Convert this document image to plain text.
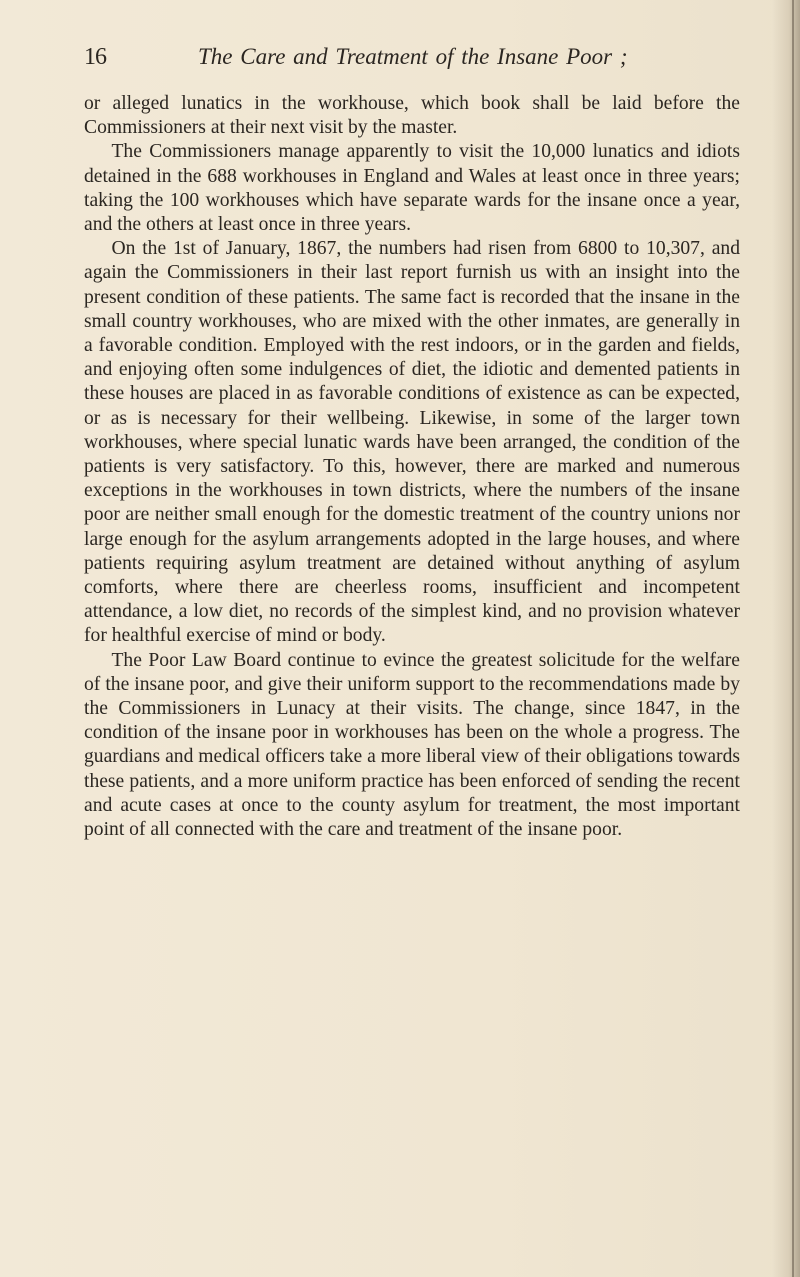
16	The Care and Treatment of the Insane Poor ;

or alleged lunatics in the workhouse, which book shall be laid before the Commissioners at their next visit by the master.

The Commissioners manage apparently to visit the 10,000 lunatics and idiots detained in the 688 workhouses in England and Wales at least once in three years; taking the 100 workhouses which have separate wards for the insane once a year, and the others at least once in three years.

On the 1st of January, 1867, the numbers had risen from 6800 to 10,307, and again the Commissioners in their last report furnish us with an insight into the present condition of these patients. The same fact is recorded that the insane in the small country workhouses, who are mixed with the other inmates, are generally in a favorable condition. Employed with the rest indoors, or in the garden and fields, and enjoying often some indulgences of diet, the idiotic and demented patients in these houses are placed in as favorable conditions of existence as can be expected, or as is necessary for their wellbeing. Likewise, in some of the larger town workhouses, where special lunatic wards have been arranged, the condition of the patients is very satisfactory. To this, however, there are marked and numerous exceptions in the workhouses in town districts, where the numbers of the insane poor are neither small enough for the domestic treatment of the country unions nor large enough for the asylum arrangements adopted in the large houses, and where patients requiring asylum treatment are detained without anything of asylum comforts, where there are cheerless rooms, insufficient and incompetent attendance, a low diet, no records of the simplest kind, and no provision whatever for healthful exercise of mind or body.

The Poor Law Board continue to evince the greatest solicitude for the welfare of the insane poor, and give their uniform support to the recommendations made by the Commissioners in Lunacy at their visits. The change, since 1847, in the condition of the insane poor in workhouses has been on the whole a progress. The guardians and medical officers take a more liberal view of their obligations towards these patients, and a more uniform practice has been enforced of sending the recent and acute cases at once to the county asylum for treatment, the most important point of all connected with the care and treatment of the insane poor.
